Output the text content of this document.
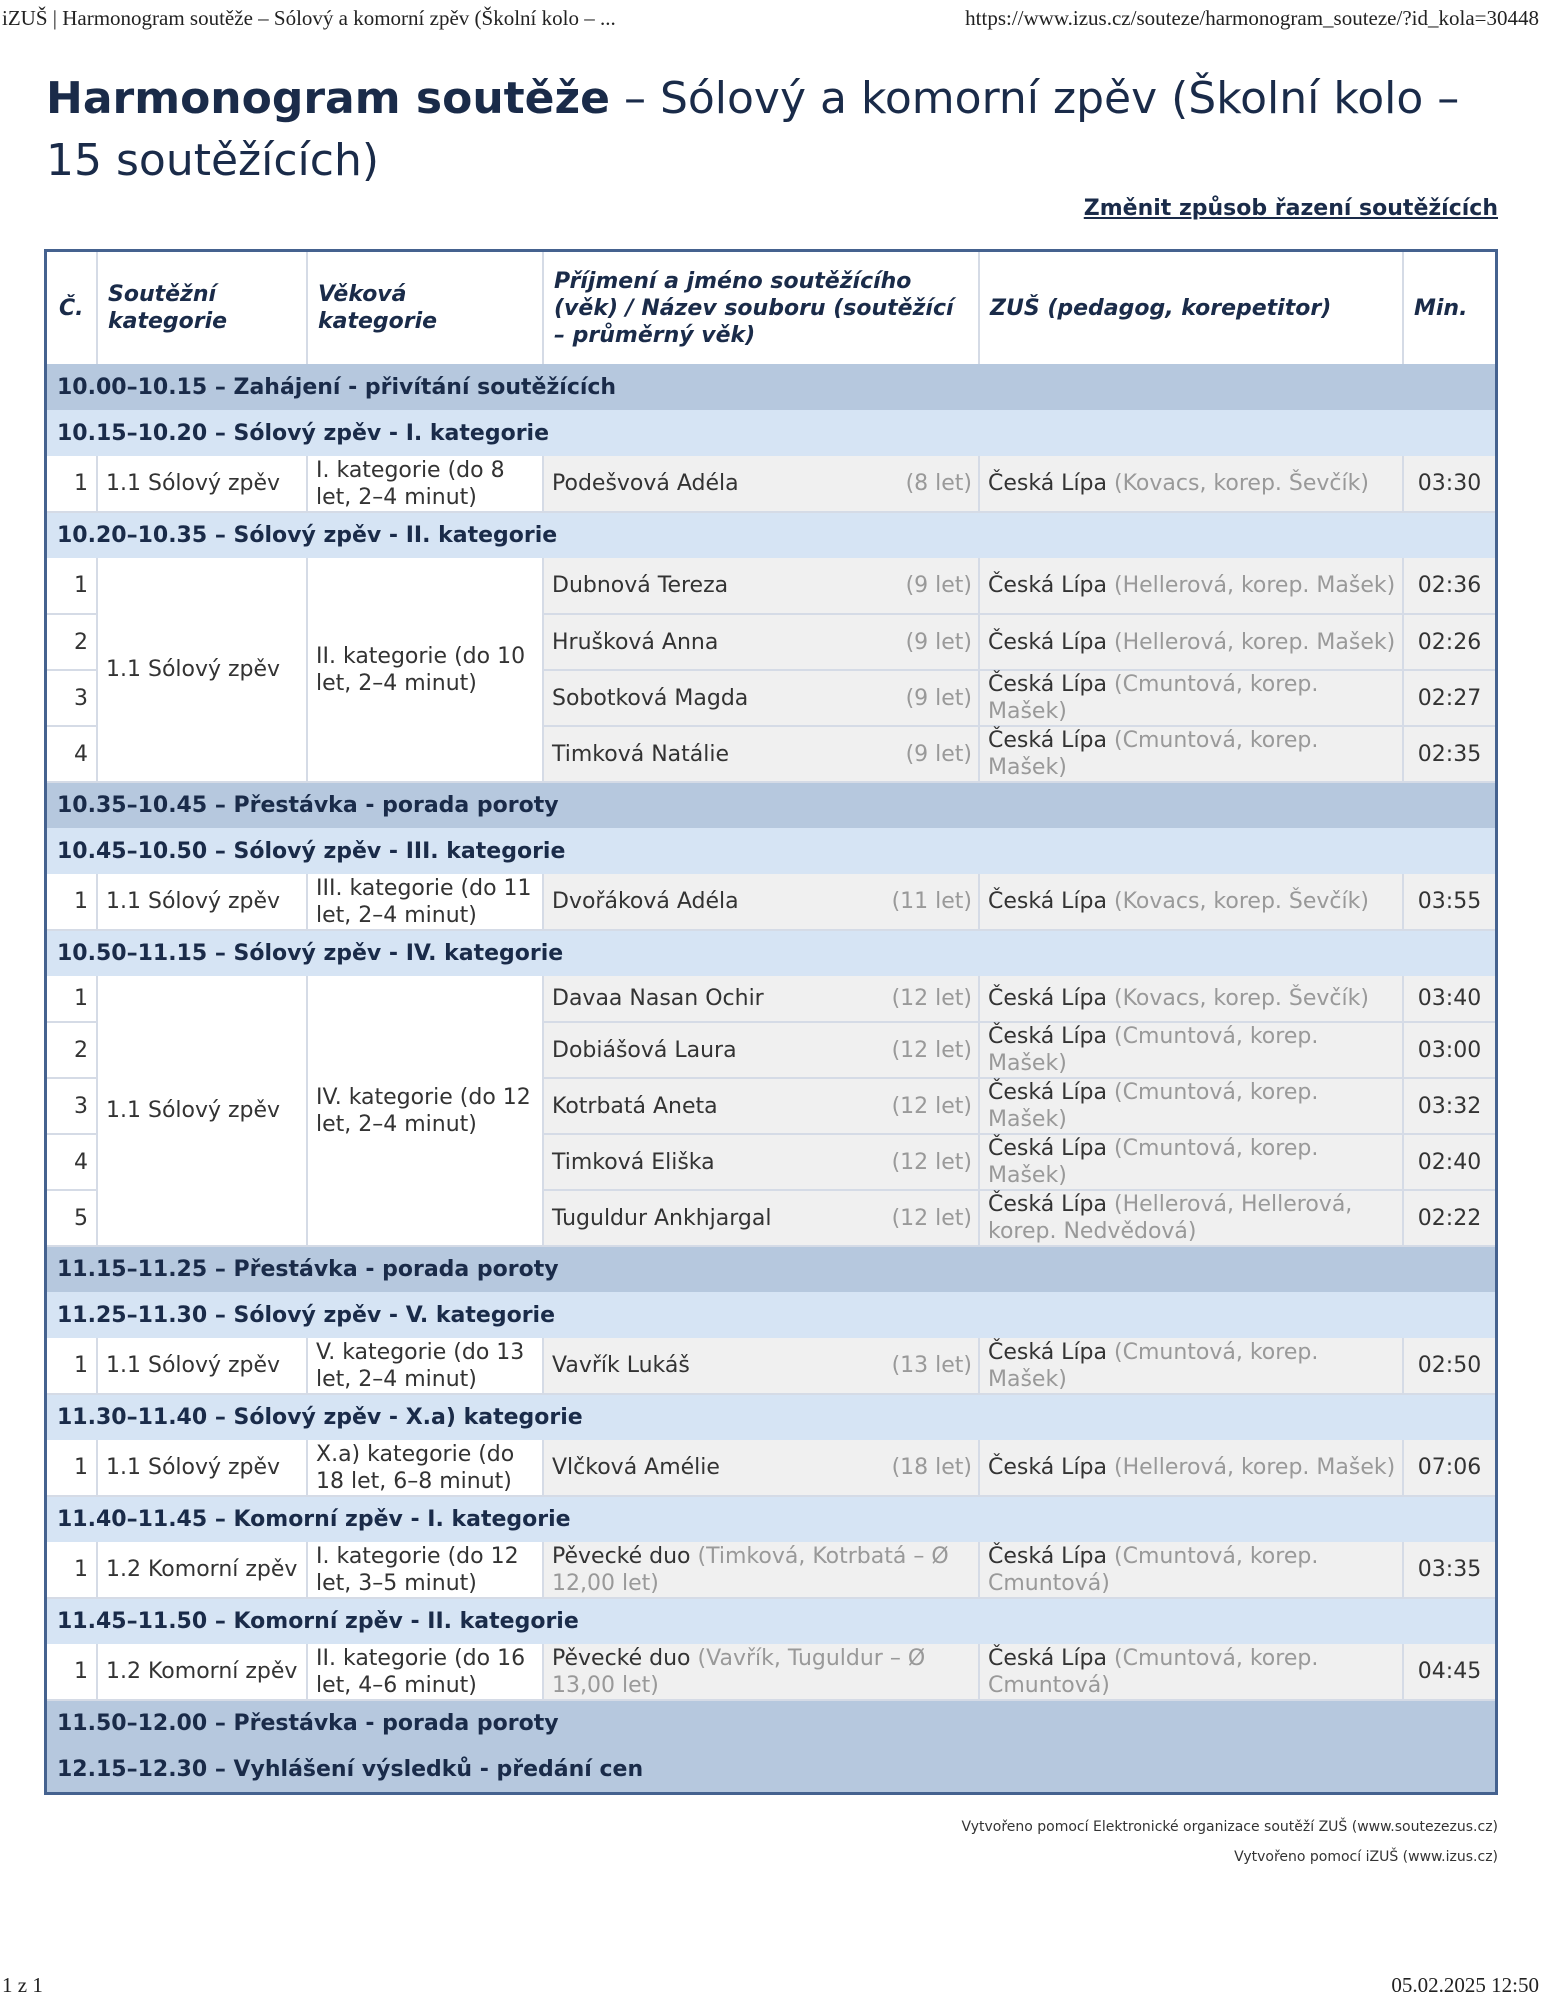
iZUŠ | Harmonogram soutěže – Sólový a komorní zpěv (Školní kolo – ...	https://www.izus.cz/souteze/harmonogram_souteze/?id_kola=30448
Harmonogram soutěže – Sólový a komorní zpěv (Školní kolo – 15 soutěžících)
Změnit způsob řazení soutěžících
Č.	Soutěžní kategorie	Věková kategorie	Příjmení a jméno soutěžícího (věk) / Název souboru (soutěžící – průměrný věk)	ZUŠ (pedagog, korepetitor)	Min.
10.00–10.15 – Zahájení - přivítání soutěžících					
10.15–10.20 – Sólový zpěv - I. kategorie					
1	1.1 Sólový zpěv	I. kategorie (do 8 let, 2–4 minut)	Podešvová Adéla (8 let)	Česká Lípa (Kovacs, korep. Ševčík)	03:30
10.20–10.35 – Sólový zpěv - II. kategorie					
1	1.1 Sólový zpěv	II. kategorie (do 10 let, 2–4 minut)	Dubnová Tereza (9 let)	Česká Lípa (Hellerová, korep. Mašek)	02:36
2			Hrušková Anna (9 let)	Česká Lípa (Hellerová, korep. Mašek)	02:26
3			Sobotková Magda (9 let)	Česká Lípa (Cmuntová, korep. Mašek)	02:27
4			Timková Natálie (9 let)	Česká Lípa (Cmuntová, korep. Mašek)	02:35
10.35–10.45 – Přestávka - porada poroty					
10.45–10.50 – Sólový zpěv - III. kategorie					
1	1.1 Sólový zpěv	III. kategorie (do 11 let, 2–4 minut)	Dvořáková Adéla (11 let)	Česká Lípa (Kovacs, korep. Ševčík)	03:55
10.50–11.15 – Sólový zpěv - IV. kategorie					
1	1.1 Sólový zpěv	IV. kategorie (do 12 let, 2–4 minut)	Davaa Nasan Ochir (12 let)	Česká Lípa (Kovacs, korep. Ševčík)	03:40
2			Dobiášová Laura (12 let)	Česká Lípa (Cmuntová, korep. Mašek)	03:00
3			Kotrbatá Aneta (12 let)	Česká Lípa (Cmuntová, korep. Mašek)	03:32
4			Timková Eliška (12 let)	Česká Lípa (Cmuntová, korep. Mašek)	02:40
5			Tuguldur Ankhjargal (12 let)	Česká Lípa (Hellerová, Hellerová, korep. Nedvědová)	02:22
11.15–11.25 – Přestávka - porada poroty					
11.25–11.30 – Sólový zpěv - V. kategorie					
1	1.1 Sólový zpěv	V. kategorie (do 13 let, 2–4 minut)	Vavřík Lukáš (13 let)	Česká Lípa (Cmuntová, korep. Mašek)	02:50
11.30–11.40 – Sólový zpěv - X.a) kategorie					
1	1.1 Sólový zpěv	X.a) kategorie (do 18 let, 6–8 minut)	Vlčková Amélie (18 let)	Česká Lípa (Hellerová, korep. Mašek)	07:06
11.40–11.45 – Komorní zpěv - I. kategorie					
1	1.2 Komorní zpěv	I. kategorie (do 12 let, 3–5 minut)	Pěvecké duo (Timková, Kotrbatá – Ø 12,00 let)	Česká Lípa (Cmuntová, korep. Cmuntová)	03:35
11.45–11.50 – Komorní zpěv - II. kategorie					
1	1.2 Komorní zpěv	II. kategorie (do 16 let, 4–6 minut)	Pěvecké duo (Vavřík, Tuguldur – Ø 13,00 let)	Česká Lípa (Cmuntová, korep. Cmuntová)	04:45
11.50–12.00 – Přestávka - porada poroty					
12.15–12.30 – Vyhlášení výsledků - předání cen					
Vytvořeno pomocí Elektronické organizace soutěží ZUŠ (www.soutezezus.cz)
Vytvořeno pomocí iZUŠ (www.izus.cz)
1 z 1	05.02.2025 12:50
